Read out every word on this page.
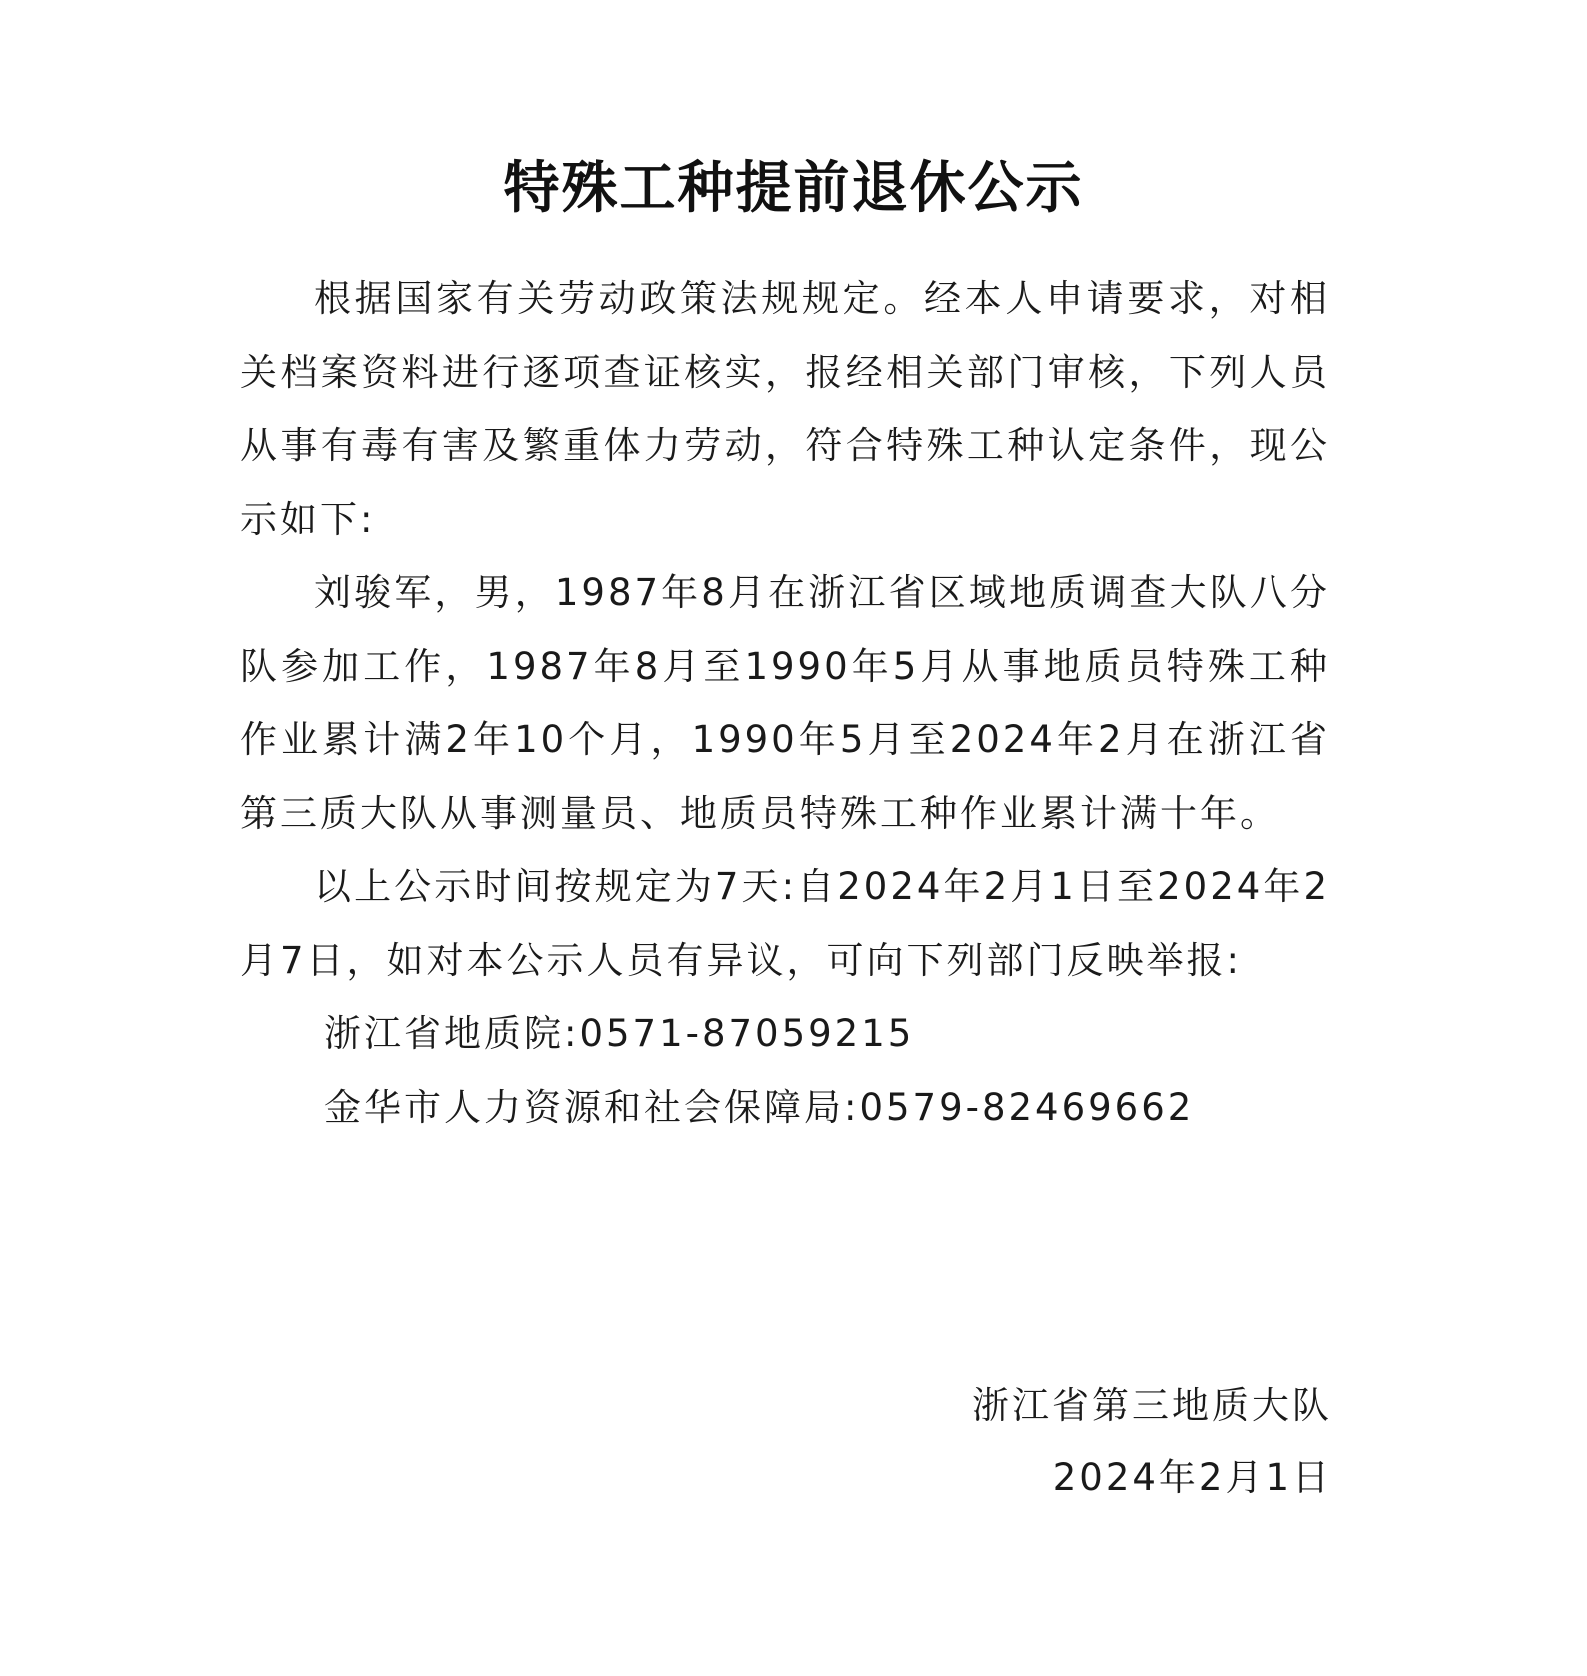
特殊工种提前退休公示

根据国家有关劳动政策法规规定。经本人申请要求，对相关档案资料进行逐项查证核实，报经相关部门审核，下列人员从事有毒有害及繁重体力劳动，符合特殊工种认定条件，现公示如下:

刘骏军，男，1987年8月在浙江省区域地质调查大队八分队参加工作，1987年8月至1990年5月从事地质员特殊工种作业累计满2年10个月，1990年5月至2024年2月在浙江省第三质大队从事测量员、地质员特殊工种作业累计满十年。

以上公示时间按规定为7天:自2024年2月1日至2024年2月7日，如对本公示人员有异议，可向下列部门反映举报:

浙江省地质院:0571-87059215

金华市人力资源和社会保障局:0579-82469662

浙江省第三地质大队
2024年2月1日
